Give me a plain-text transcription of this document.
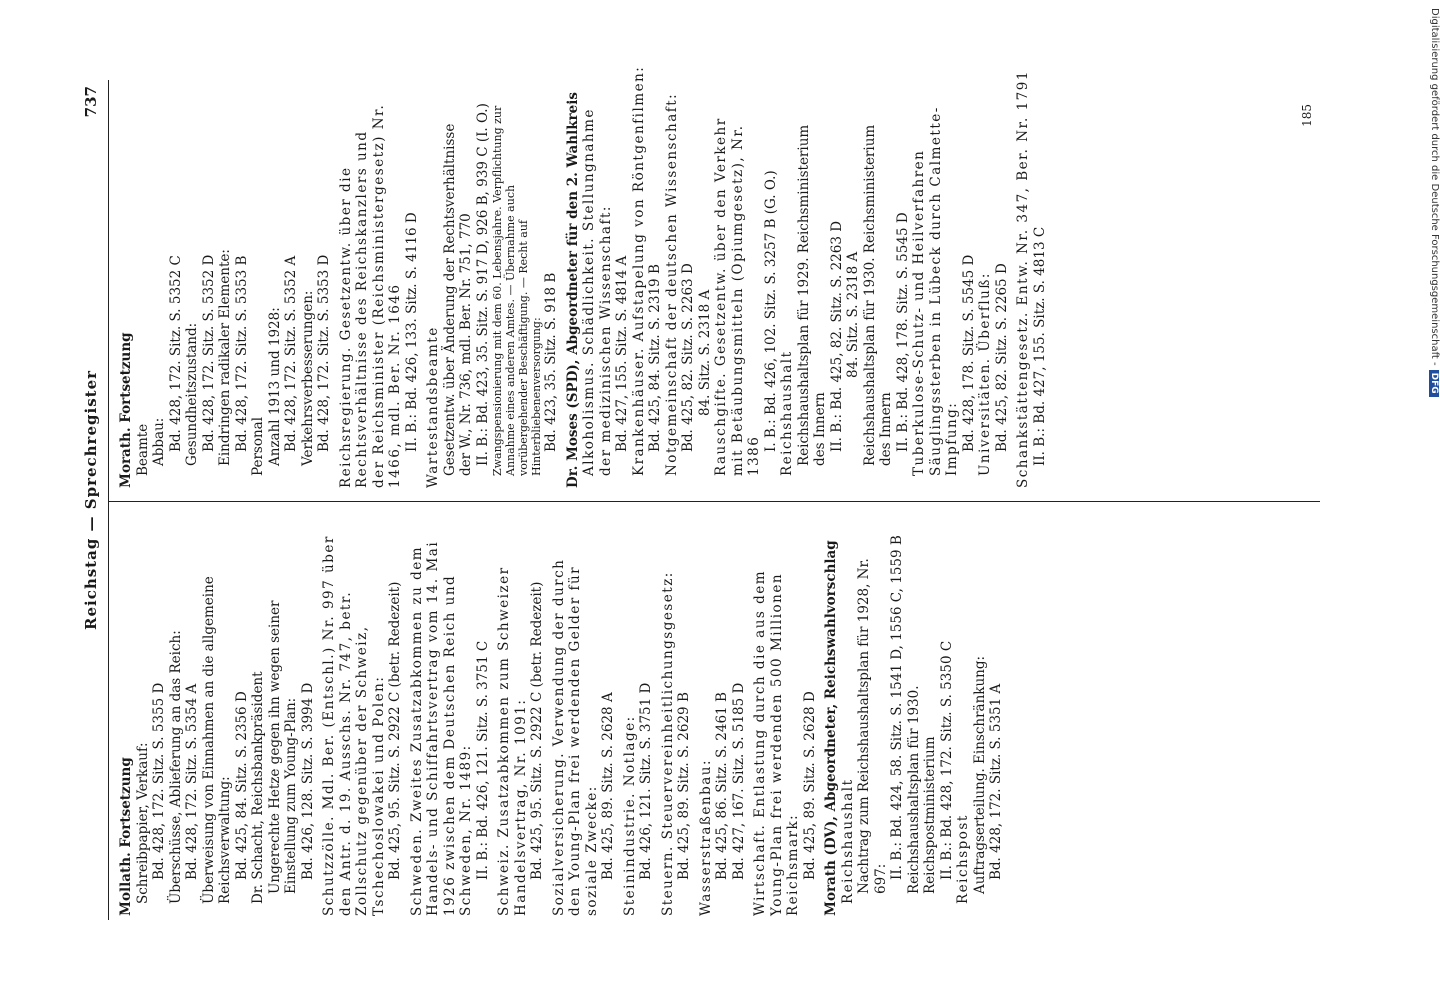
Reichstag — Sprechregister
737
Mollath. Fortsetzung Schreibpapier, Verkauf: Bd. 428, 172. Sitz. S. 5355 D Überschüsse, Ablieferung an das Reich: Bd. 428, 172. Sitz. S. 5354 A Überweisung von Einnahmen an die allgemeine Reichsverwaltung: Bd. 425, 84. Sitz. S. 2356 D Dr. Schacht, Reichsbankpräsident Ungerechte Hetze gegen ihn wegen seiner Einstellung zum Young-Plan: Bd. 426, 128. Sitz. S. 3994 D Schutzzölle. Mdl. Ber. (Entschl.) Nr. 997 über den Antr. d. 19. Ausschs. Nr. 747, betr. Zollschutz gegenüber der Schweiz, Tschechoslowakei und Polen: Bd. 425, 95. Sitz. S. 2922 C (betr. Redezeit) Schweden. Zweites Zusatzabkommen zu dem Handels- und Schiffahrtsvertrag vom 14. Mai 1926 zwischen dem Deutschen Reich und Schweden, Nr. 1489: II. B.: Bd. 426, 121. Sitz. S. 3751 C Schweiz. Zusatzabkommen zum Schweizer Handelsvertrag, Nr. 1091: Bd. 425, 95. Sitz. S. 2922 C (betr. Redezeit) Sozialversicherung. Verwendung der durch den Young-Plan frei werdenden Gelder für soziale Zwecke: Bd. 425, 89. Sitz. S. 2628 A Steinindustrie. Notlage: Bd. 426, 121. Sitz. S. 3751 D Steuern. Steuervereinheitlichungsgesetz: Bd. 425, 89. Sitz. S. 2629 B Wasserstraßenbau: Bd. 425, 86. Sitz. S. 2461 B Bd. 427, 167. Sitz. S. 5185 D Wirtschaft. Entlastung durch die aus dem Young-Plan frei werdenden 500 Millionen Reichsmark: Bd. 425, 89. Sitz. S. 2628 D Morath (DV), Abgeordneter, Reichswahlvorschlag Reichshaushalt Nachtrag zum Reichshaushaltsplan für 1928, Nr. 697: II. B.: Bd. 424, 58. Sitz. S. 1541 D, 1556 C, 1559 B Reichshaushaltsplan für 1930. Reichspostministerium II. B.: Bd. 428, 172. Sitz. S. 5350 C Reichspost Auftragserteilung. Einschränkung: Bd. 428, 172. Sitz. S. 5351 A
Morath. Fortsetzung Beamte Abbau: Bd. 428, 172. Sitz. S. 5352 C Gesundheitszustand: Bd. 428, 172. Sitz. S. 5352 D Eindringen radikaler Elemente: Bd. 428, 172. Sitz. S. 5353 B Personal Anzahl 1913 und 1928: Bd. 428, 172. Sitz. S. 5352 A Verkehrsverbesserungen: Bd. 428, 172. Sitz. S. 5353 D Reichsregierung. Gesetzentw. über die Rechtsverhältnisse des Reichskanzlers und der Reichsminister (Reichsministergesetz) Nr. 1466, mdl. Ber. Nr. 1646 II. B.: Bd. 426, 133. Sitz. S. 4116 D Wartestandsbeamte Gesetzentw. über Änderung der Rechtsverhältnisse der W., Nr. 736, mdl. Ber. Nr. 751, 770 II. B.: Bd. 423, 35. Sitz. S. 917 D, 926 B, 939 C (I. O.) Zwangspensionierung mit dem 60. Lebensjahre. Verpflichtung zur Annahme eines anderen Amtes. — Übernahme auch vorübergehender Beschäftigung. — Recht auf Hinterbliebenenversorgung: Bd. 423, 35. Sitz. S. 918 B Dr. Moses (SPD), Abgeordneter für den 2. Wahlkreis Alkoholismus. Schädlichkeit. Stellungnahme der medizinischen Wissenschaft: Bd. 427, 155. Sitz. S. 4814 A Krankenhäuser. Aufstapelung von Röntgenfilmen: Bd. 425, 84. Sitz. S. 2319 B Notgemeinschaft der deutschen Wissenschaft: Bd. 425, 82. Sitz. S. 2263 D 84. Sitz. S. 2318 A Rauschgifte. Gesetzentw. über den Verkehr mit Betäubungsmitteln (Opiumgesetz), Nr. 1386
I. B.: Bd. 426, 102. Sitz. S. 3257 B (G. O.) Reichshaushalt Reichshaushaltsplan für 1929. Reichsministerium des Innern II. B.: Bd. 425, 82. Sitz. S. 2263 D 84. Sitz. S. 2318 A Reichshaushaltsplan für 1930. Reichsministerium des Innern II. B.: Bd. 428, 178. Sitz. S. 5545 D Tuberkulose-Schutz- und Heilverfahren Säuglingssterben in Lübeck durch Calmette-Impfung: Bd. 428, 178. Sitz. S. 5545 D Universitäten. Überfluß: Bd. 425, 82. Sitz. S. 2265 D Schankstättengesetz. Entw. Nr. 347, Ber. Nr. 1791 II. B.: Bd. 427, 155. Sitz. S. 4813 C
185	Digitalisierung gefördert durch die Deutsche Forschungsgemeinschaft -DFG
